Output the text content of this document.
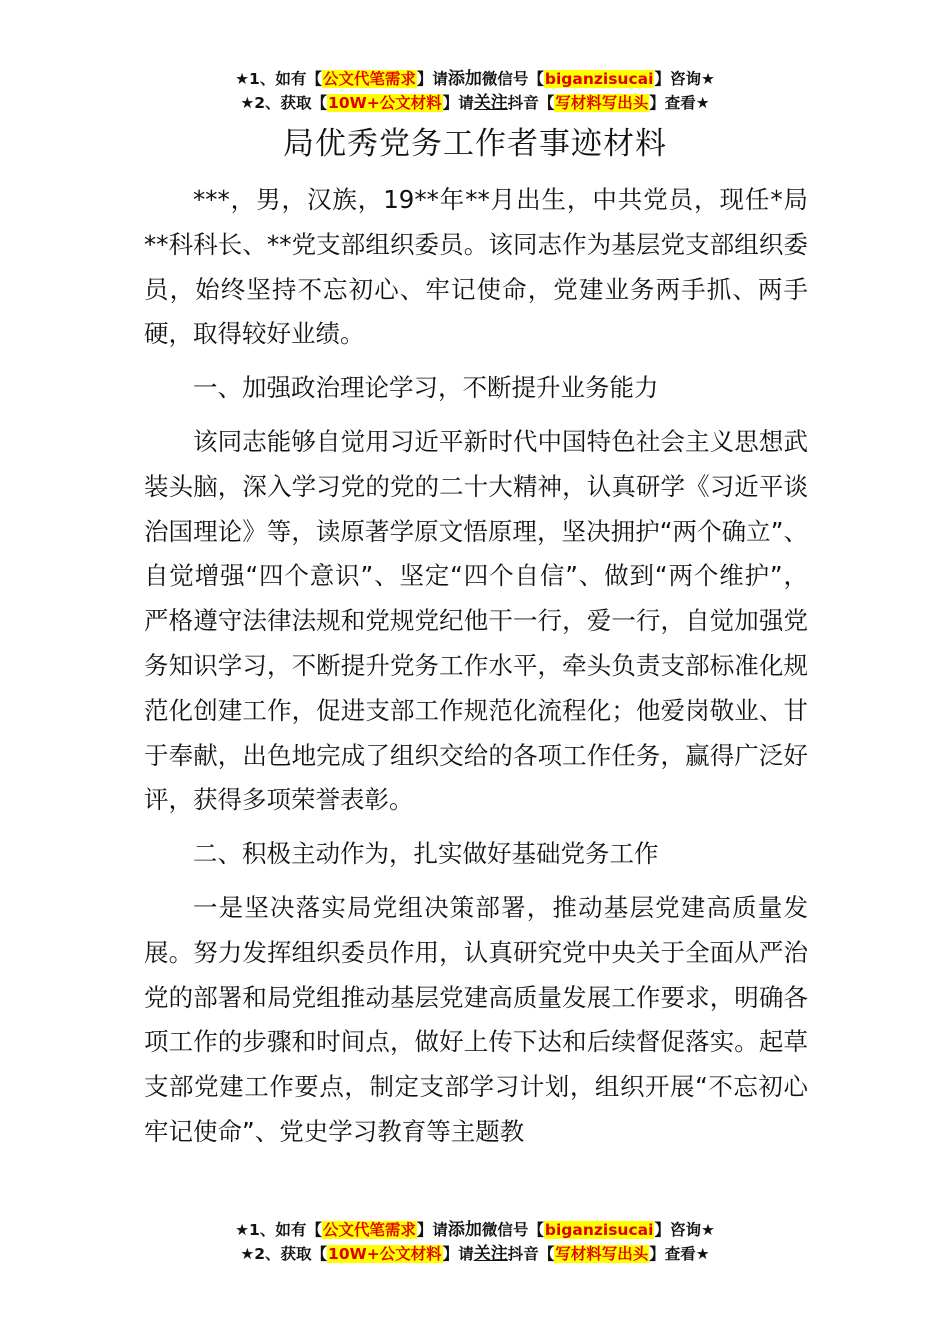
★1、如有【公文代笔需求】请添加微信号【biganzisucai】咨询★
★2、获取【10W+公文材料】请关注抖音【写材料写出头】查看★
局优秀党务工作者事迹材料

***，男，汉族，19**年**月出生，中共党员，现任*局**科科长、**党支部组织委员。该同志作为基层党支部组织委员，始终坚持不忘初心、牢记使命，党建业务两手抓、两手硬，取得较好业绩。

一、加强政治理论学习，不断提升业务能力

该同志能够自觉用习近平新时代中国特色社会主义思想武装头脑，深入学习党的党的二十大精神，认真研学《习近平谈治国理论》等，读原著学原文悟原理，坚决拥护“两个确立”、自觉增强“四个意识”、坚定“四个自信”、做到“两个维护”，严格遵守法律法规和党规党纪他干一行，爱一行，自觉加强党务知识学习，不断提升党务工作水平，牵头负责支部标准化规范化创建工作，促进支部工作规范化流程化；他爱岗敬业、甘于奉献，出色地完成了组织交给的各项工作任务，赢得广泛好评，获得多项荣誉表彰。

二、积极主动作为，扎实做好基础党务工作

一是坚决落实局党组决策部署，推动基层党建高质量发展。努力发挥组织委员作用，认真研究党中央关于全面从严治党的部署和局党组推动基层党建高质量发展工作要求，明确各项工作的步骤和时间点，做好上传下达和后续督促落实。起草支部党建工作要点，制定支部学习计划，组织开展“不忘初心牢记使命”、党史学习教育等主题教

★1、如有【公文代笔需求】请添加微信号【biganzisucai】咨询★
★2、获取【10W+公文材料】请关注抖音【写材料写出头】查看★
